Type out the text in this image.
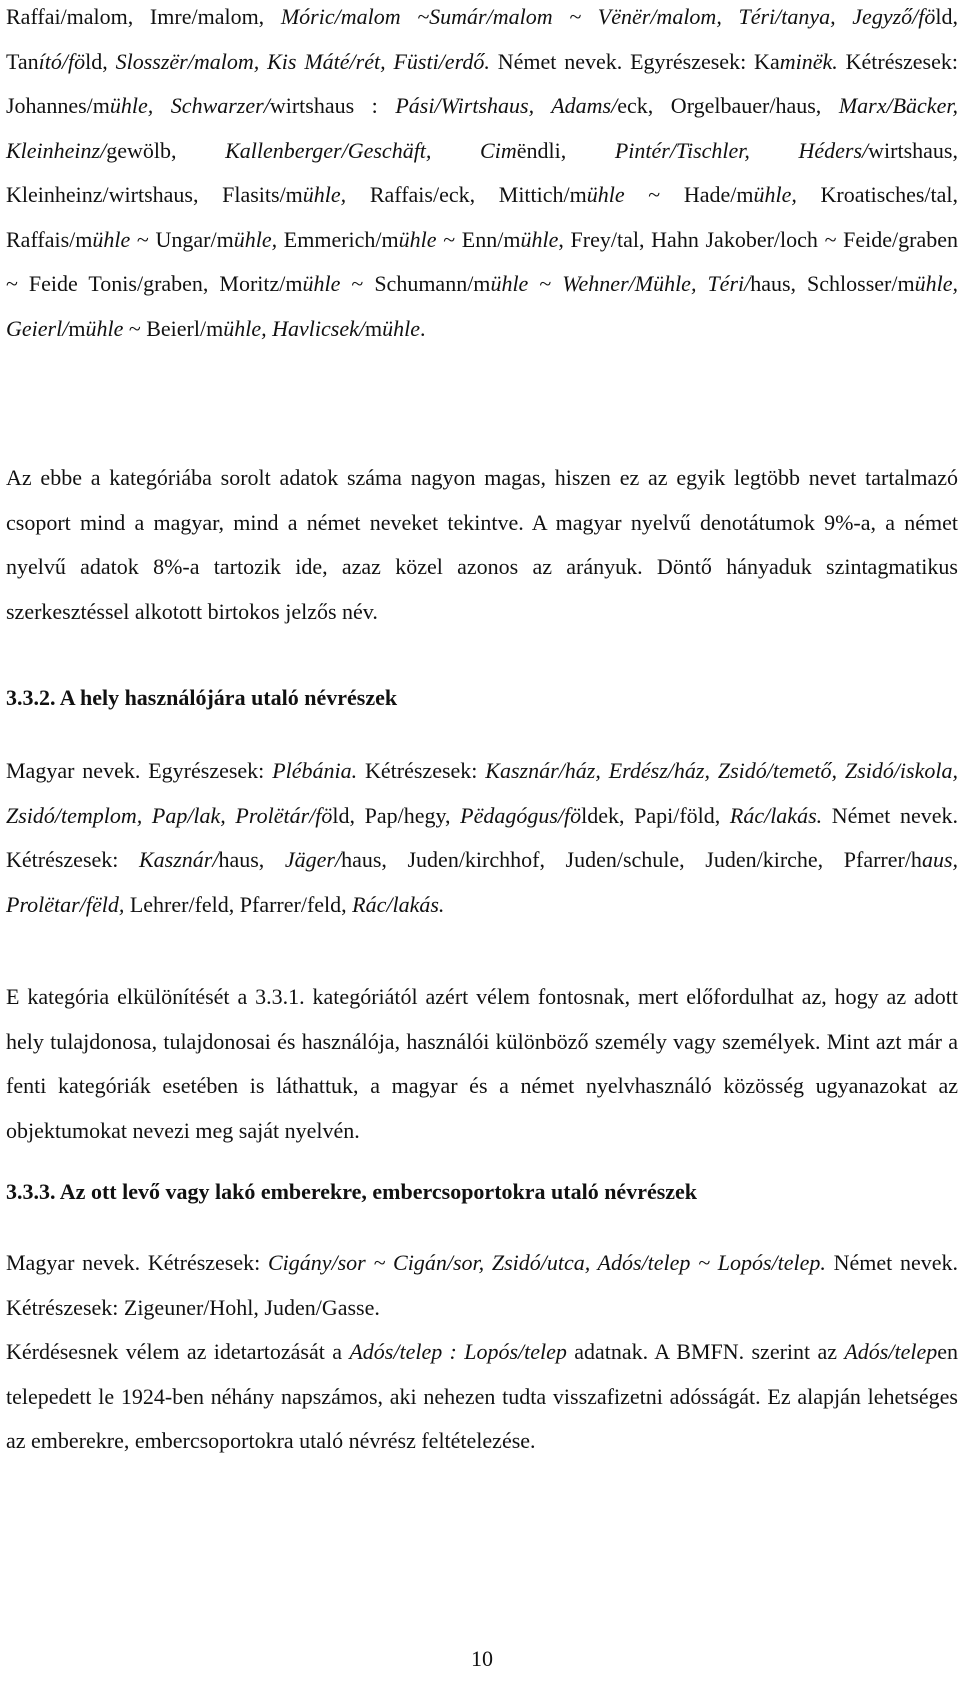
Raffai/malom, Imre/malom, Móric/malom ~Sumár/malom ~ Vënër/malom, Téri/tanya, Jegyző/föld, Tanító/föld, Slosszër/malom, Kis Máté/rét, Füsti/erdő. Német nevek. Egyrészesek: Kaminëk. Kétrészesek: Johannes/mühle, Schwarzer/wirtshaus : Pási/Wirtshaus, Adams/eck, Orgelbauer/haus, Marx/Bäcker, Kleinheinz/gewölb, Kallenberger/Geschäft, Cimëndli, Pintér/Tischler, Héders/wirtshaus, Kleinheinz/wirtshaus, Flasits/mühle, Raffais/eck, Mittich/mühle ~ Hade/mühle, Kroatisches/tal, Raffais/mühle ~ Ungar/mühle, Emmerich/mühle ~ Enn/mühle, Frey/tal, Hahn Jakober/loch ~ Feide/graben ~ Feide Tonis/graben, Moritz/mühle ~ Schumann/mühle ~ Wehner/Mühle, Téri/haus, Schlosser/mühle, Geierl/mühle ~ Beierl/mühle, Havlicsek/mühle.

Az ebbe a kategóriába sorolt adatok száma nagyon magas, hiszen ez az egyik legtöbb nevet tartalmazó csoport mind a magyar, mind a német neveket tekintve. A magyar nyelvű denotátumok 9%-a, a német nyelvű adatok 8%-a tartozik ide, azaz közel azonos az arányuk. Döntő hányaduk szintagmatikus szerkesztéssel alkotott birtokos jelzős név.

3.3.2. A hely használójára utaló névrészek

Magyar nevek. Egyrészesek: Plébánia. Kétrészesek: Kasznár/ház, Erdész/ház, Zsidó/temető, Zsidó/iskola, Zsidó/templom, Pap/lak, Prolëtár/föld, Pap/hegy, Pëdagógus/földek, Papi/föld, Rác/lakás. Német nevek. Kétrészesek: Kasznár/haus, Jäger/haus, Juden/kirchhof, Juden/schule, Juden/kirche, Pfarrer/haus, Prolëtar/fëld, Lehrer/feld, Pfarrer/feld, Rác/lakás.

E kategória elkülönítését a 3.3.1. kategóriától azért vélem fontosnak, mert előfordulhat az, hogy az adott hely tulajdonosa, tulajdonosai és használója, használói különböző személy vagy személyek. Mint azt már a fenti kategóriák esetében is láthattuk, a magyar és a német nyelvhasználó közösség ugyanazokat az objektumokat nevezi meg saját nyelvén.

3.3.3. Az ott levő vagy lakó emberekre, embercsoportokra utaló névrészek

Magyar nevek. Kétrészesek: Cigány/sor ~ Cigán/sor, Zsidó/utca, Adós/telep ~ Lopós/telep. Német nevek. Kétrészesek: Zigeuner/Hohl, Juden/Gasse.

Kérdésesnek vélem az idetartozását a Adós/telep : Lopós/telep adatnak. A BMFN. szerint az Adós/telepen telepedett le 1924-ben néhány napszámos, aki nehezen tudta visszafizetni adósságát. Ez alapján lehetséges az emberekre, embercsoportokra utaló névrész feltételezése.

10
